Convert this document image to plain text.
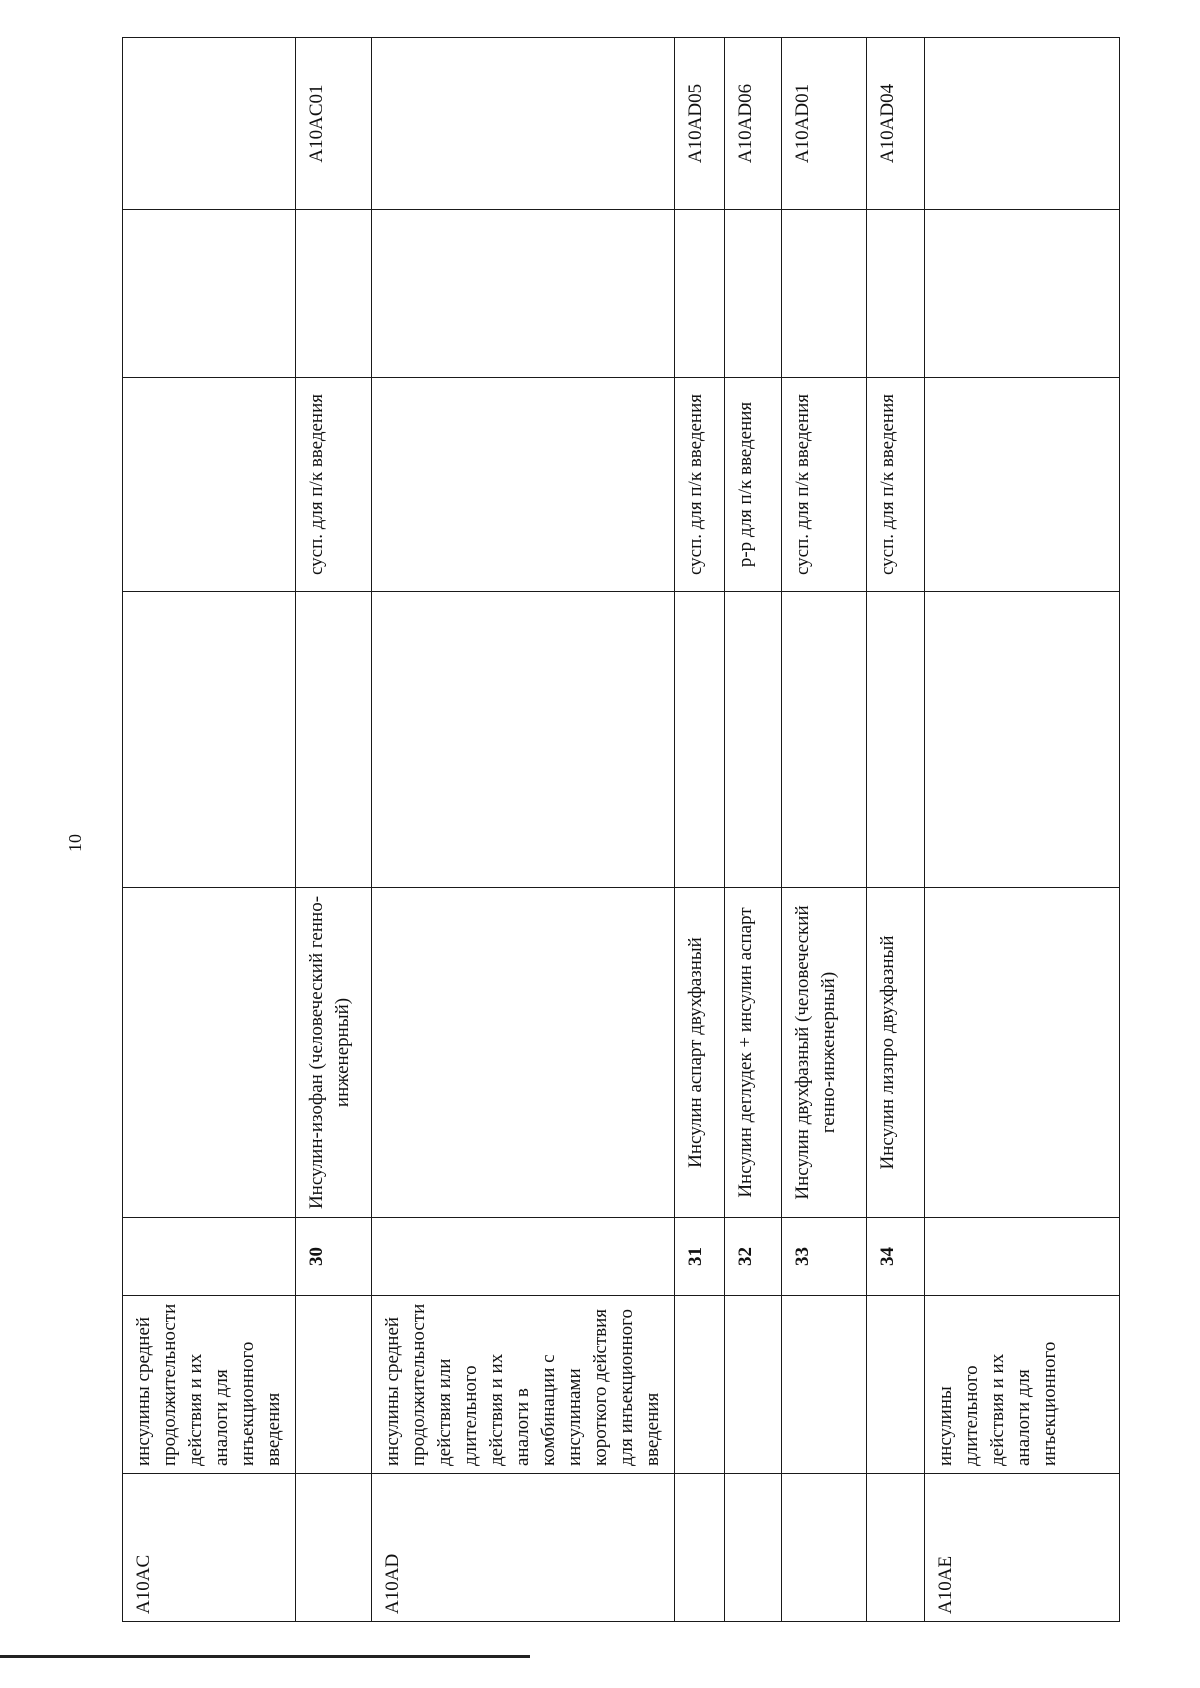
10
A10AC	инсулины средней продолжительности действия и их аналоги для инъекционного введения						
		30	Инсулин-изофан (человеческий генно-инженерный)		сусп. для п/к введения		A10AC01
A10AD	инсулины средней продолжительности действия или длительного действия и их аналоги в комбинации с инсулинами короткого действия для инъекционного введения						
		31	Инсулин аспарт двухфазный		сусп. для п/к введения		A10AD05
		32	Инсулин деглудек + инсулин аспарт		р-р для п/к введения		A10AD06
		33	Инсулин двухфазный (человеческий генно-инженерный)		сусп. для п/к введения		A10AD01
		34	Инсулин лизпро двухфазный		сусп. для п/к введения		A10AD04
A10AE	инсулины длительного действия и их аналоги для инъекционного						
